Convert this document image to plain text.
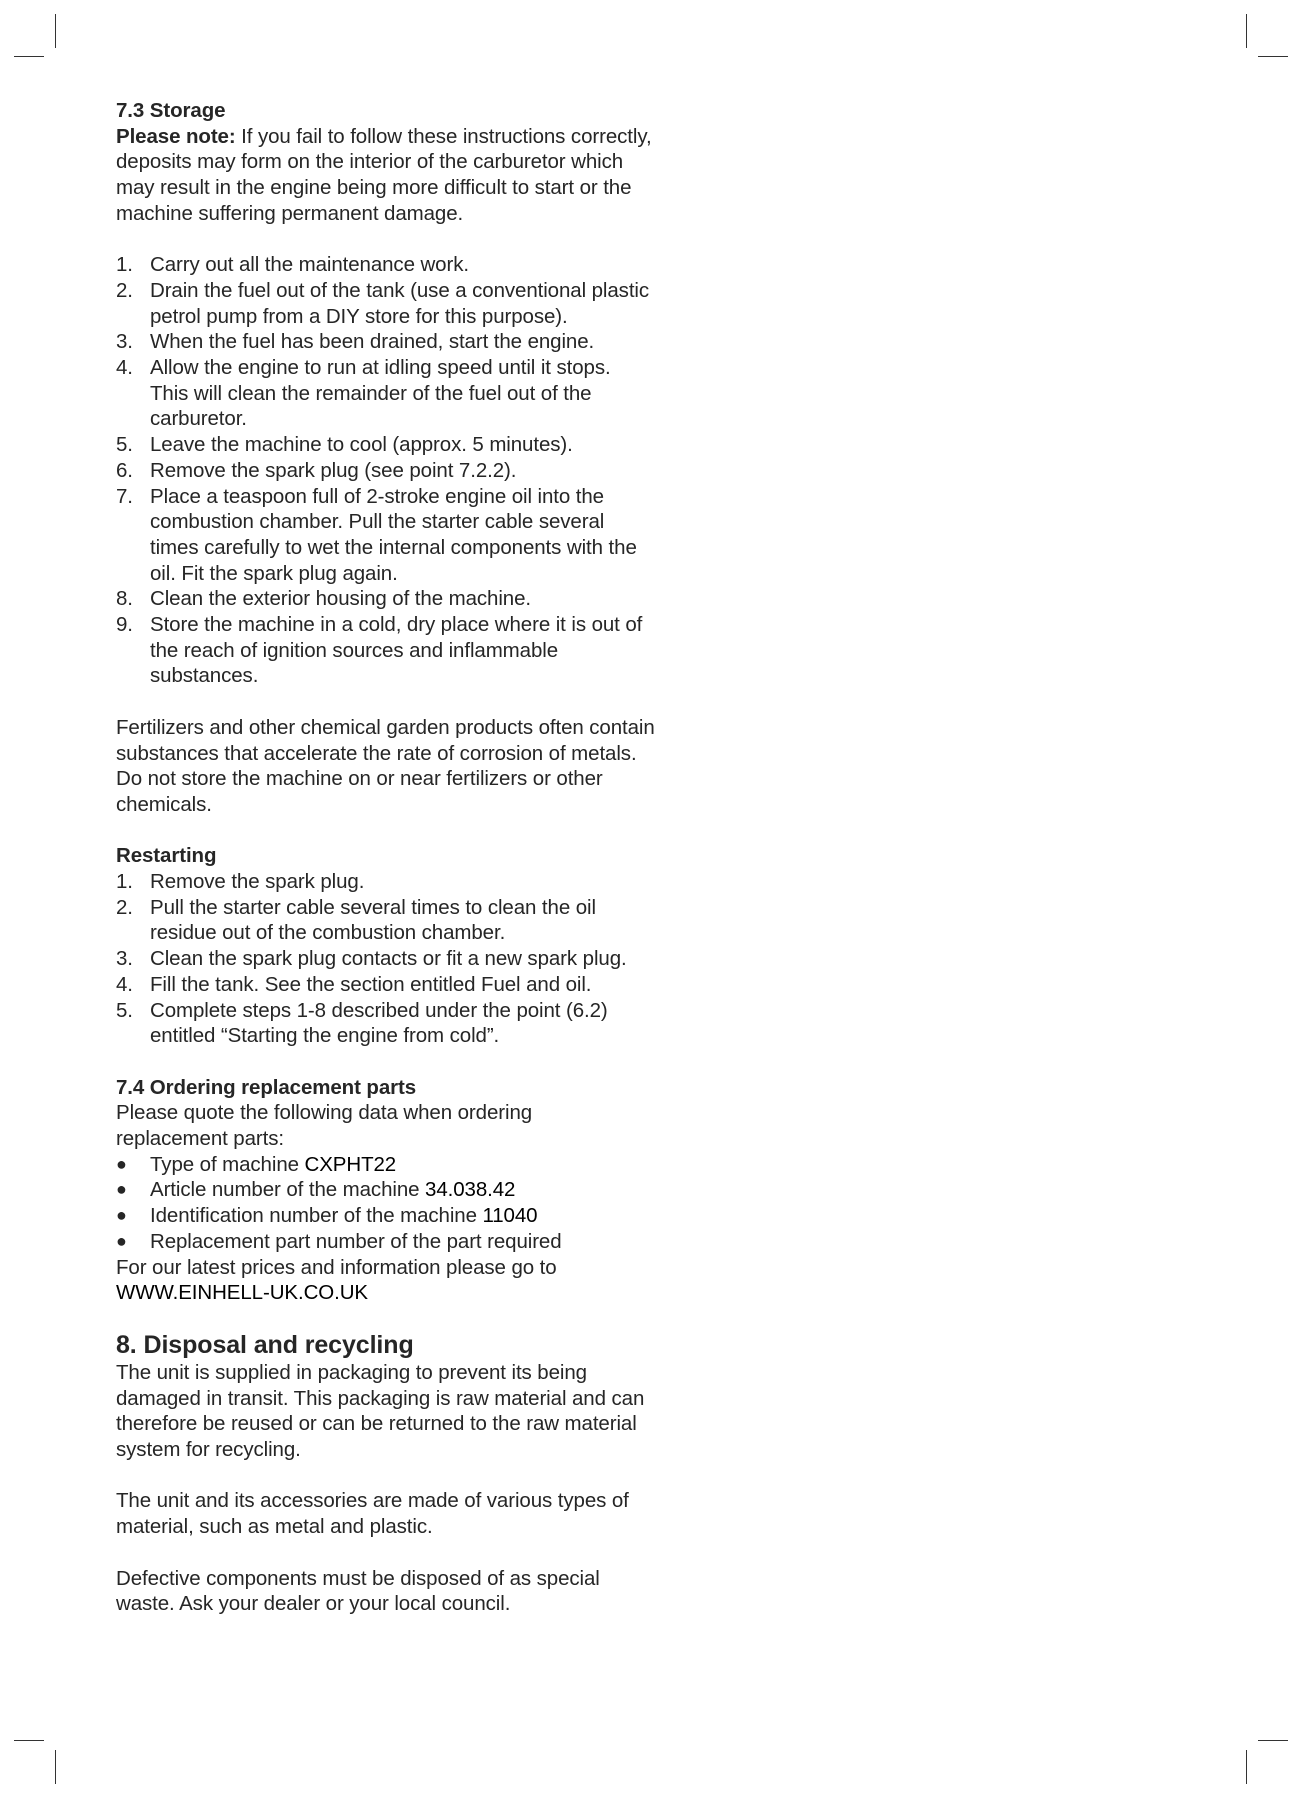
7.3 Storage

Please note: If you fail to follow these instructions correctly, deposits may form on the interior of the carburetor which may result in the engine being more difficult to start or the machine suffering permanent damage.

1. Carry out all the maintenance work.
2. Drain the fuel out of the tank (use a conventional plastic petrol pump from a DIY store for this purpose).
3. When the fuel has been drained, start the engine.
4. Allow the engine to run at idling speed until it stops. This will clean the remainder of the fuel out of the carburetor.
5. Leave the machine to cool (approx. 5 minutes).
6. Remove the spark plug (see point 7.2.2).
7. Place a teaspoon full of 2-stroke engine oil into the combustion chamber. Pull the starter cable several times carefully to wet the internal components with the oil. Fit the spark plug again.
8. Clean the exterior housing of the machine.
9. Store the machine in a cold, dry place where it is out of the reach of ignition sources and inflammable substances.

Fertilizers and other chemical garden products often contain substances that accelerate the rate of corrosion of metals. Do not store the machine on or near fertilizers or other chemicals.

Restarting
1. Remove the spark plug.
2. Pull the starter cable several times to clean the oil residue out of the combustion chamber.
3. Clean the spark plug contacts or fit a new spark plug.
4. Fill the tank. See the section entitled Fuel and oil.
5. Complete steps 1-8 described under the point (6.2) entitled “Starting the engine from cold”.
7.4 Ordering replacement parts

Please quote the following data when ordering replacement parts:

● Type of machine CXPHT22
● Article number of the machine 34.038.42
● Identification number of the machine 11040
● Replacement part number of the part required

For our latest prices and information please go to

WWW.EINHELL-UK.CO.UK

8. Disposal and recycling

The unit is supplied in packaging to prevent its being damaged in transit. This packaging is raw material and can therefore be reused or can be returned to the raw material system for recycling.

The unit and its accessories are made of various types of material, such as metal and plastic.

Defective components must be disposed of as special waste. Ask your dealer or your local council.
